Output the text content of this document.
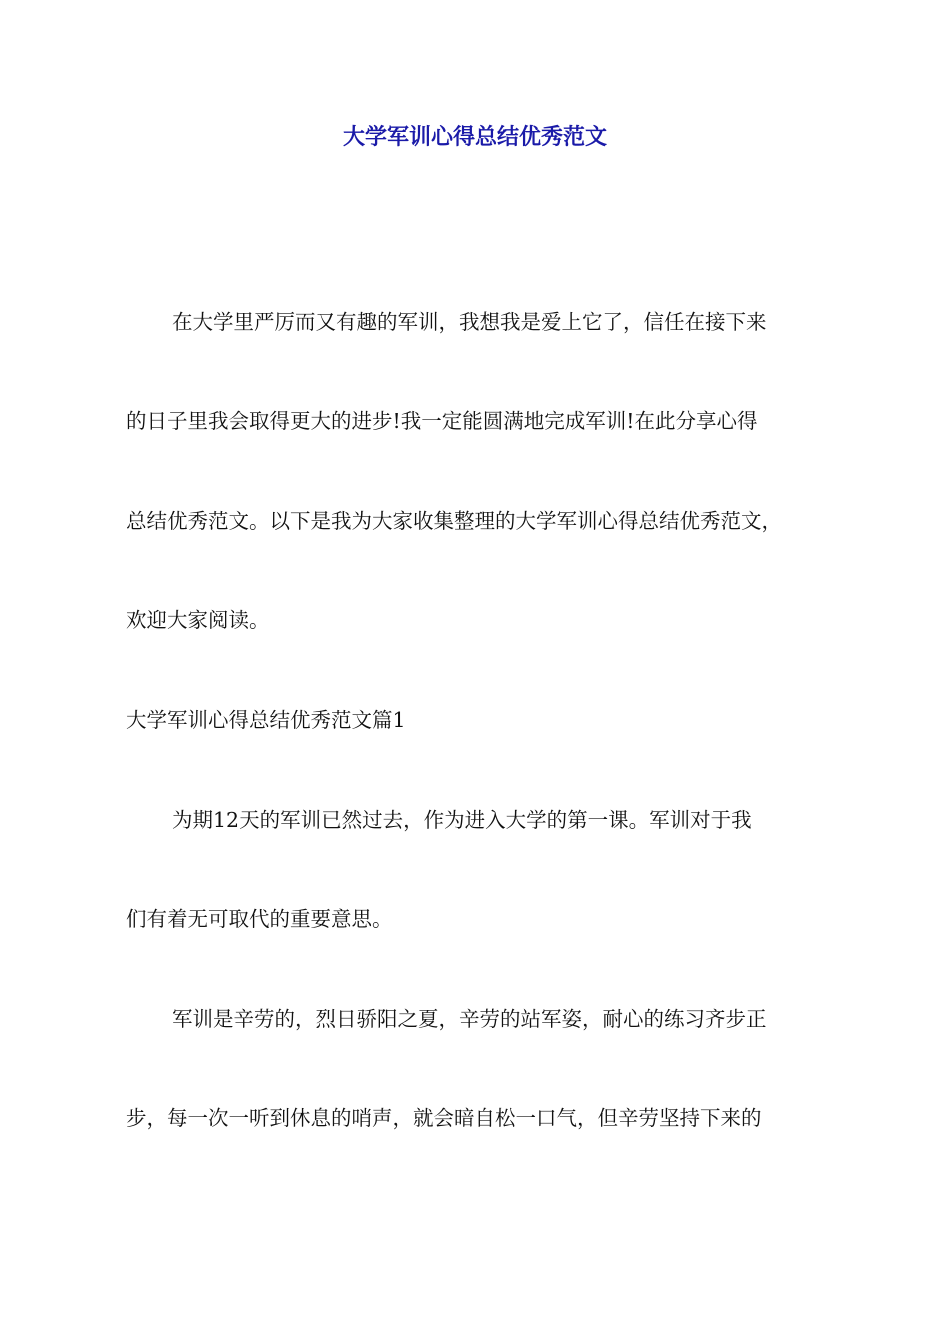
大学军训心得总结优秀范文
在大学里严厉而又有趣的军训，我想我是爱上它了，信任在接下来
的日子里我会取得更大的进步!我一定能圆满地完成军训!在此分享心得
总结优秀范文。以下是我为大家收集整理的大学军训心得总结优秀范文，
欢迎大家阅读。
大学军训心得总结优秀范文篇1
为期12天的军训已然过去，作为进入大学的第一课。军训对于我
们有着无可取代的重要意思。
军训是辛劳的，烈日骄阳之夏，辛劳的站军姿，耐心的练习齐步正
步，每一次一听到休息的哨声，就会暗自松一口气，但辛劳坚持下来的
